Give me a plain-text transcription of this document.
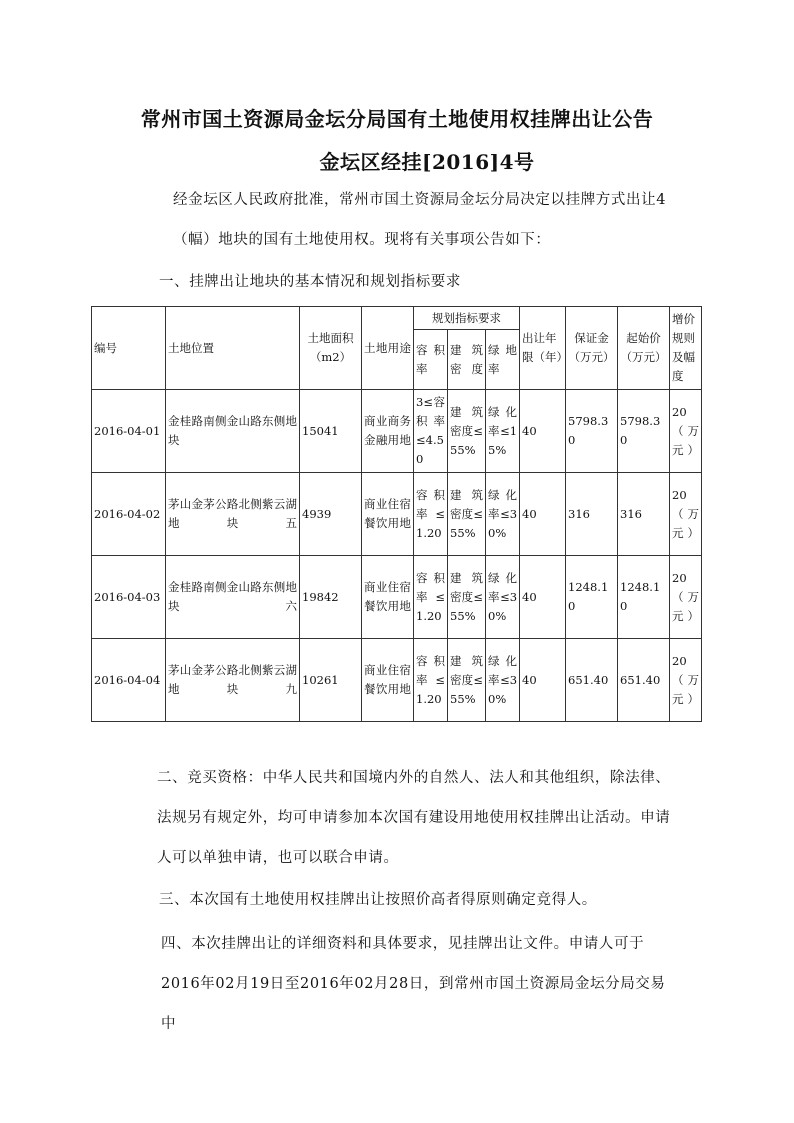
常州市国土资源局金坛分局国有土地使用权挂牌出让公告
金坛区经挂[2016]4号
经金坛区人民政府批准，常州市国土资源局金坛分局决定以挂牌方式出让4（幅）地块的国有土地使用权。现将有关事项公告如下：
一、挂牌出让地块的基本情况和规划指标要求
编号	土地位置	土地面积（m2）	土地用途	规划指标要求			出让年限（年）	保证金（万元）	起始价（万元）	增价规则及幅度
				容积率	建筑密度	绿地率				
2016-04-01	金桂路南侧金山路东侧地块	15041	商业商务金融用地	3≤容积率≤4.50	建筑密度≤55%	绿化率≤15%	40	5798.30	5798.30	20（万元）
2016-04-02	茅山金茅公路北侧紫云湖地块五	4939	商业住宿餐饮用地	容积率≤1.20	建筑密度≤55%	绿化率≤30%	40	316	316	20（万元）
2016-04-03	金桂路南侧金山路东侧地块六	19842	商业住宿餐饮用地	容积率≤1.20	建筑密度≤55%	绿化率≤30%	40	1248.10	1248.10	20（万元）
2016-04-04	茅山金茅公路北侧紫云湖地块九	10261	商业住宿餐饮用地	容积率≤1.20	建筑密度≤55%	绿化率≤30%	40	651.40	651.40	20（万元）
二、竞买资格：中华人民共和国境内外的自然人、法人和其他组织，除法律、法规另有规定外，均可申请参加本次国有建设用地使用权挂牌出让活动。申请人可以单独申请，也可以联合申请。
三、本次国有土地使用权挂牌出让按照价高者得原则确定竞得人。
四、本次挂牌出让的详细资料和具体要求，见挂牌出让文件。申请人可于2016年02月19日至2016年02月28日，到常州市国土资源局金坛分局交易中
